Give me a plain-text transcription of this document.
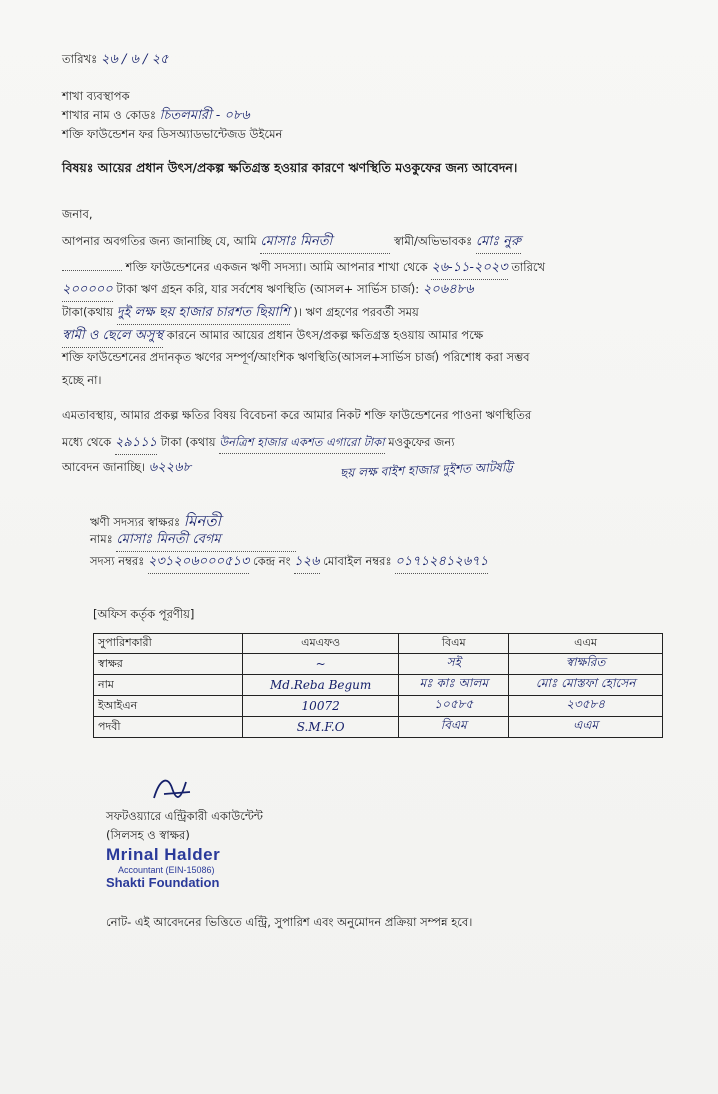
তারিখঃ ২৬ / ৬ / ২৫
শাখা ব্যবস্থাপক
শাখার নাম ও কোডঃ চিতলমারী - ০৮৬
শক্তি ফাউন্ডেশন ফর ডিসঅ্যাডভান্টেজড উইমেন
বিষয়ঃ আয়ের প্রধান উৎস/প্রকল্প ক্ষতিগ্রস্ত হওয়ার কারণে ঋণস্থিতি মওকুফের জন্য আবেদন।
জনাব,
আপনার অবগতির জন্য জানাচ্ছি যে, আমি মোসাঃ মিনতী	স্বামী/অভিভাবকঃ মোঃ নুরু
শক্তি ফাউন্ডেশনের একজন ঋণী সদস্যা। আমি আপনার শাখা থেকে ২৬-১১-২০২৩ তারিখে
২০০০০০ টাকা ঋণ গ্রহন করি, যার সর্বশেষ ঋণস্থিতি (আসল+ সার্ভিস চার্জ): ২০৬৪৮৬
টাকা(কথায় দুই লক্ষ ছয় হাজার চারশত ছিয়াশি )। ঋণ গ্রহণের পরবর্তী সময়
স্বামী ও ছেলে অসুস্থ কারনে আমার আয়ের প্রধান উৎস/প্রকল্প ক্ষতিগ্রস্ত হওয়ায় আমার পক্ষে
শক্তি ফাউন্ডেশনের প্রদানকৃত ঋণের সম্পূর্ণ/আংশিক ঋণস্থিতি(আসল+সার্ভিস চার্জ) পরিশোধ করা সম্ভব
হচ্ছে না।
এমতাবস্থায়, আমার প্রকল্প ক্ষতির বিষয় বিবেচনা করে আমার নিকট শক্তি ফাউন্ডেশনের পাওনা ঋণস্থিতির
মধ্যে থেকে ২৯১১১ টাকা (কথায় উনত্রিশ হাজার একশত এগারো টাকা মওকুফের জন্য
আবেদন জানাচ্ছি। ৬২২৬৮	ছয় লক্ষ বাইশ হাজার দুইশত আটষট্টি
ঋণী সদস্যর স্বাক্ষরঃ মিনতী
নামঃ মোসাঃ মিনতী বেগম
সদস্য নম্বরঃ ২৩১২০৬০০০৫১৩ কেন্দ্র নং ১২৬ মোবাইল নম্বরঃ ০১৭১২৪১২৬৭১
[অফিস কর্তৃক পূরণীয়]
সুপারিশকারী	এমএফও	বিএম	এএম
স্বাক্ষর	~	সই	স্বাক্ষরিত
নাম	Md.Reba Begum	মঃ কাঃ আলম	মোঃ মোস্তফা হোসেন
ইআইএন	10072	১০৫৮৫	২৩৫৮৪
পদবী	S.M.F.O	বিএম	এএম
সফটওয়্যারে এন্ট্রিকারী একাউন্টেন্ট
(সিলসহ ও স্বাক্ষর)
Mrinal Halder
Accountant (EIN-15086)
Shakti Foundation
নোট- এই আবেদনের ভিত্তিতে এন্ট্রি, সুপারিশ এবং অনুমোদন প্রক্রিয়া সম্পন্ন হবে।
